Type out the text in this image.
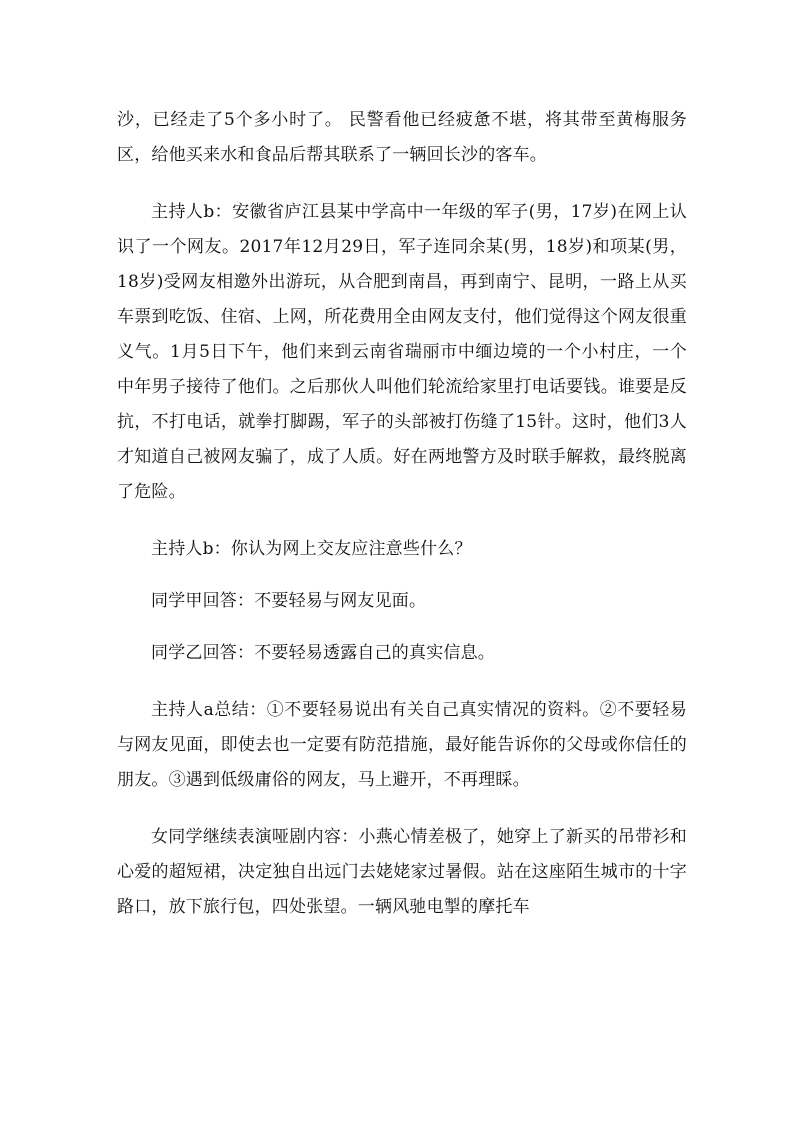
沙，已经走了5个多小时了。 民警看他已经疲惫不堪，将其带至黄梅服务区，给他买来水和食品后帮其联系了一辆回长沙的客车。

主持人b：安徽省庐江县某中学高中一年级的军子(男，17岁)在网上认识了一个网友。2017年12月29日，军子连同余某(男，18岁)和项某(男，18岁)受网友相邀外出游玩，从合肥到南昌，再到南宁、昆明，一路上从买车票到吃饭、住宿、上网，所花费用全由网友支付，他们觉得这个网友很重义气。1月5日下午，他们来到云南省瑞丽市中缅边境的一个小村庄，一个中年男子接待了他们。之后那伙人叫他们轮流给家里打电话要钱。谁要是反抗，不打电话，就拳打脚踢，军子的头部被打伤缝了15针。这时，他们3人才知道自己被网友骗了，成了人质。好在两地警方及时联手解救，最终脱离了危险。

主持人b：你认为网上交友应注意些什么？

同学甲回答：不要轻易与网友见面。

同学乙回答：不要轻易透露自己的真实信息。

主持人a总结：①不要轻易说出有关自己真实情况的资料。②不要轻易与网友见面，即使去也一定要有防范措施，最好能告诉你的父母或你信任的朋友。③遇到低级庸俗的网友，马上避开，不再理睬。

女同学继续表演哑剧内容：小燕心情差极了，她穿上了新买的吊带衫和心爱的超短裙，决定独自出远门去姥姥家过暑假。站在这座陌生城市的十字路口，放下旅行包，四处张望。一辆风驰电掣的摩托车
